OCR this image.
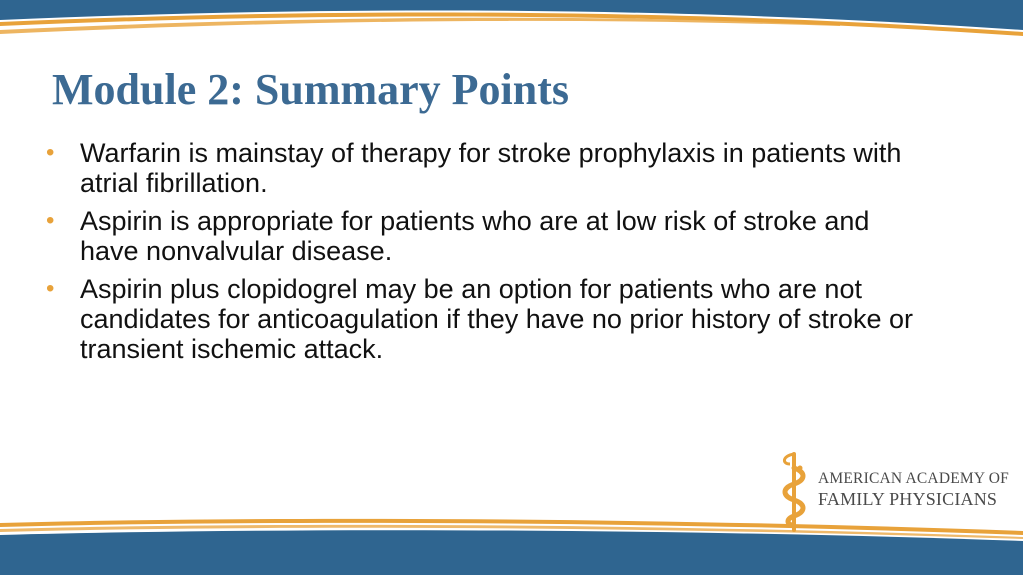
Module 2: Summary Points
• Warfarin is mainstay of therapy for stroke prophylaxis in patients with atrial fibrillation.
• Aspirin is appropriate for patients who are at low risk of stroke and have nonvalvular disease.
• Aspirin plus clopidogrel may be an option for patients who are not candidates for anticoagulation if they have no prior history of stroke or transient ischemic attack.
AMERICAN ACADEMY OF
FAMILY PHYSICIANS
